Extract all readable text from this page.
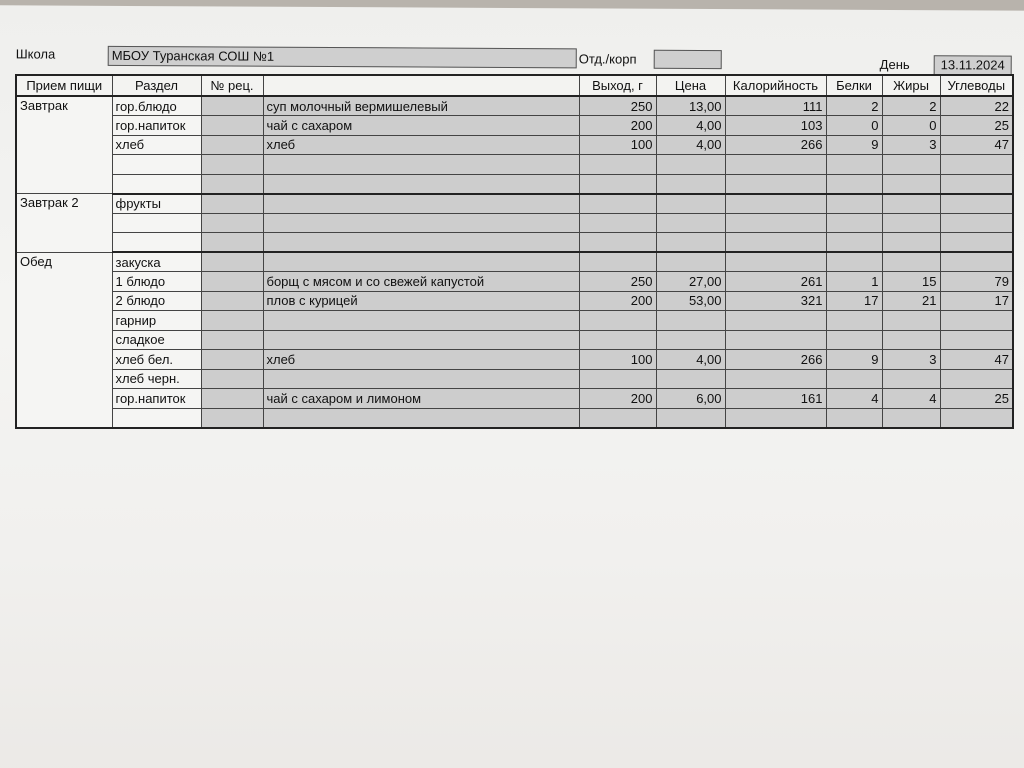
Школа	МБОУ Туранская СОШ №1	Отд./корп	День	13.11.2024
Прием пищи	Раздел	№ рец.		Выход, г	Цена	Калорийность	Белки	Жиры	Углеводы
Завтрак	гор.блюдо		суп молочный вермишелевый	250	13,00	111	2	2	22
	гор.напиток		чай с сахаром	200	4,00	103	0	0	25
	хлеб		хлеб	100	4,00	266	9	3	47

Завтрак 2	фрукты								

Обед	закуска								
	1 блюдо		борщ с мясом и со свежей капустой	250	27,00	261	1	15	79
	2 блюдо		плов с курицей	200	53,00	321	17	21	17
	гарнир								
	сладкое								
	хлеб бел.		хлеб	100	4,00	266	9	3	47
	хлеб черн.								
	гор.напиток		чай с сахаром и лимоном	200	6,00	161	4	4	25
